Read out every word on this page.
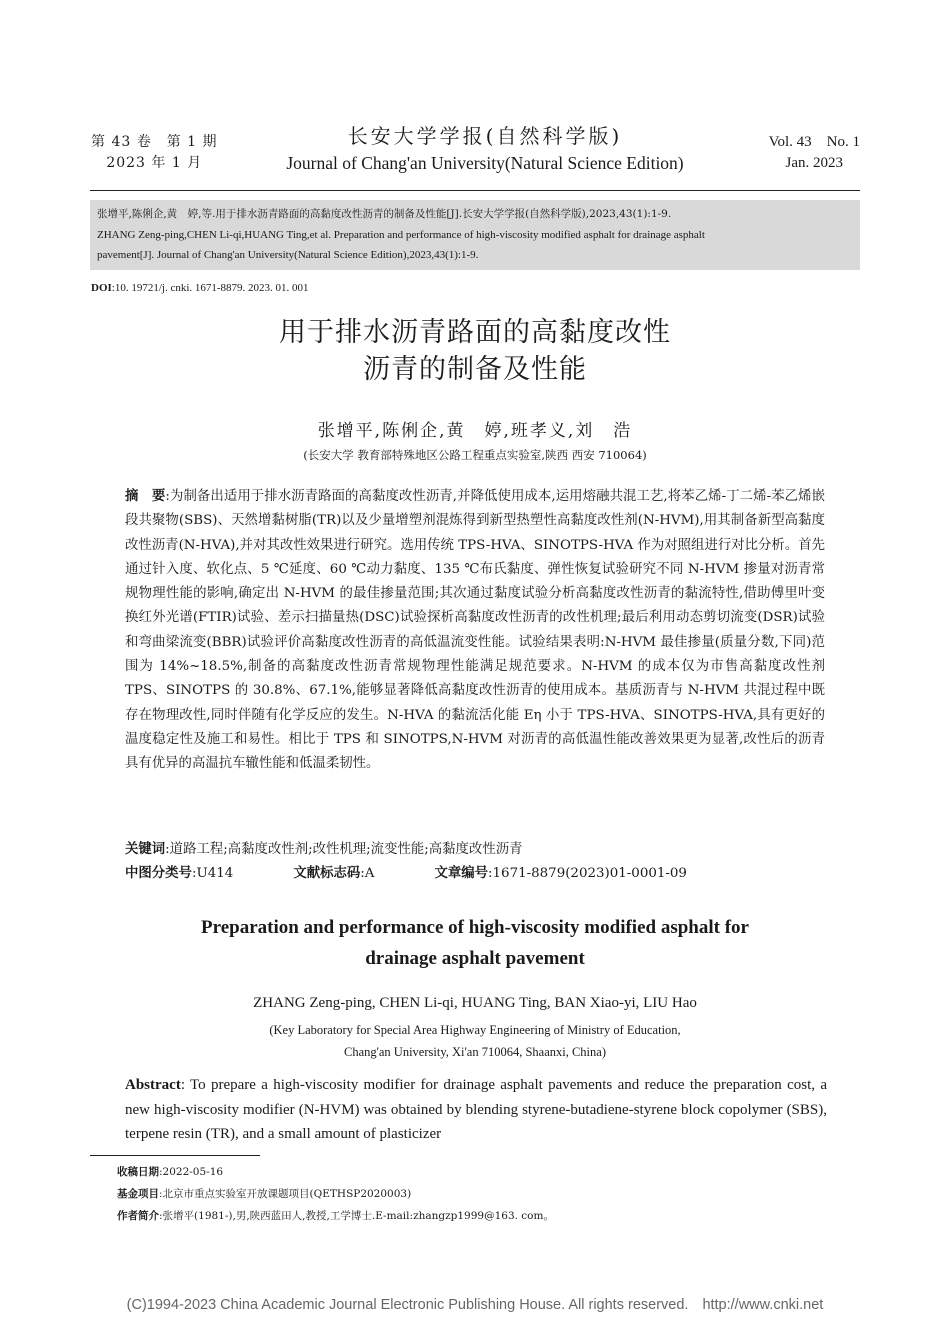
第 43 卷　第 1 期
2023 年 1 月
长安大学学报(自然科学版)
Journal of Chang'an University(Natural Science Edition)
Vol. 43　No. 1
Jan. 2023
张增平,陈俐企,黄　婷,等.用于排水沥青路面的高黏度改性沥青的制备及性能[J].长安大学学报(自然科学版),2023,43(1):1-9.
ZHANG Zeng-ping,CHEN Li-qi,HUANG Ting,et al. Preparation and performance of high-viscosity modified asphalt for drainage asphalt
pavement[J]. Journal of Chang'an University(Natural Science Edition),2023,43(1):1-9.
DOI:10. 19721/j. cnki. 1671-8879. 2023. 01. 001
用于排水沥青路面的高黏度改性
沥青的制备及性能
张增平,陈俐企,黄　婷,班孝义,刘　浩
(长安大学 教育部特殊地区公路工程重点实验室,陕西 西安 710064)
摘　要:为制备出适用于排水沥青路面的高黏度改性沥青,并降低使用成本,运用熔融共混工艺,将苯乙烯-丁二烯-苯乙烯嵌段共聚物(SBS)、天然增黏树脂(TR)以及少量增塑剂混炼得到新型热塑性高黏度改性剂(N-HVM),用其制备新型高黏度改性沥青(N-HVA),并对其改性效果进行研究。选用传统 TPS-HVA、SINOTPS-HVA 作为对照组进行对比分析。首先通过针入度、软化点、5 ℃延度、60 ℃动力黏度、135 ℃布氏黏度、弹性恢复试验研究不同 N-HVM 掺量对沥青常规物理性能的影响,确定出 N-HVM 的最佳掺量范围;其次通过黏度试验分析高黏度改性沥青的黏流特性,借助傅里叶变换红外光谱(FTIR)试验、差示扫描量热(DSC)试验探析高黏度改性沥青的改性机理;最后利用动态剪切流变(DSR)试验和弯曲梁流变(BBR)试验评价高黏度改性沥青的高低温流变性能。试验结果表明:N-HVM 最佳掺量(质量分数,下同)范围为 14%~18.5%,制备的高黏度改性沥青常规物理性能满足规范要求。N-HVM 的成本仅为市售高黏度改性剂 TPS、SINOTPS 的 30.8%、67.1%,能够显著降低高黏度改性沥青的使用成本。基质沥青与 N-HVM 共混过程中既存在物理改性,同时伴随有化学反应的发生。N-HVA 的黏流活化能 Eη 小于 TPS-HVA、SINOTPS-HVA,具有更好的温度稳定性及施工和易性。相比于 TPS 和 SINOTPS,N-HVM 对沥青的高低温性能改善效果更为显著,改性后的沥青具有优异的高温抗车辙性能和低温柔韧性。
关键词:道路工程;高黏度改性剂;改性机理;流变性能;高黏度改性沥青
中图分类号:U414	文献标志码:A	文章编号:1671-8879(2023)01-0001-09
Preparation and performance of high-viscosity modified asphalt for
drainage asphalt pavement
ZHANG Zeng-ping, CHEN Li-qi, HUANG Ting, BAN Xiao-yi, LIU Hao
(Key Laboratory for Special Area Highway Engineering of Ministry of Education,
Chang'an University, Xi'an 710064, Shaanxi, China)
Abstract: To prepare a high-viscosity modifier for drainage asphalt pavements and reduce the preparation cost, a new high-viscosity modifier (N-HVM) was obtained by blending styrene-butadiene-styrene block copolymer (SBS), terpene resin (TR), and a small amount of plasticizer
收稿日期:2022-05-16
基金项目:北京市重点实验室开放课题项目(QETHSP2020003)
作者简介:张增平(1981-),男,陕西蓝田人,教授,工学博士.E-mail:zhangzp1999@163. com。
(C)1994-2023 China Academic Journal Electronic Publishing House. All rights reserved. http://www.cnki.net
